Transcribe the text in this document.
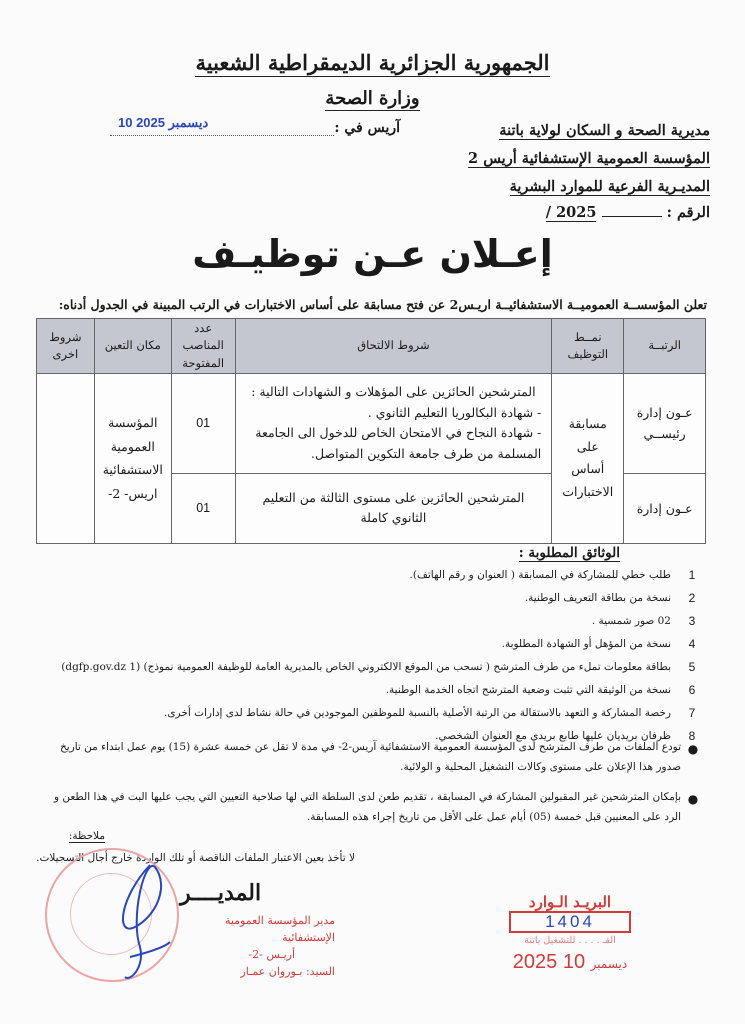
الجمهورية الجزائرية الديمقراطية الشعبية
وزارة الصحة
مديرية الصحة و السكان لولاية باتنة
المؤسسة العمومية الإستشفائية أريس 2
المديـرية الفرعية للموارد البشرية
الرقم :  2025 /
آريس في :
10 ديسمبر 2025
إعـلان عـن توظيـف
تعلن المؤسســة العموميــة الاستشفائيــة اريـس2 عن فتح مسابقة على أساس الاختبارات في الرتب المبينة في الجدول أدناه:
الرتبــة	نمــط التوظيف	شروط الالتحاق	عدد المناصب المفتوحة	مكان التعين	شروط اخرى
عـون إدارة رئيســي	مسابقة على أساس الاختبارات	المترشحين الحائزين على المؤهلات و الشهادات التالية :
- شهادة البكالوريا التعليم الثانوي .
- شهادة النجاح في الامتحان الخاص للدخول الى الجامعة المسلمة من طرف جامعة التكوين المتواصل.	01	المؤسسة العمومية الاستشفائية اريس- 2-	
عـون إدارة		المترشحين الحائزين على مستوى الثالثة من التعليم الثانوي كاملة	01		
الوثائق المطلوبة :
1
طلب خطي للمشاركة في المسابقة ( العنوان و رقم الهاتف).
2
نسخة من بطاقة التعريف الوطنية.
3
02 صور شمسية .
4
نسخة من المؤهل أو الشهادة المطلوبة.
5
بطاقة معلومات تملء من طرف المترشح ( تسحب من الموقع الالكتروني الخاص بالمديرية العامة للوظيفة العمومية نموذج) (dgfp.gov.dz 1)
6
نسخة من الوثيقة التي تثبت وضعية المترشح اتجاه الخدمة الوطنية.
7
رخصة المشاركة و التعهد بالاستقالة من الرتبة الأصلية بالنسبة للموظفين الموجودين في حالة نشاط لدى إدارات أخرى.
8
ظرفان بريديان عليها طابع بريدي مع العنوان الشخصي.
●
تودع الملفات من طرف المترشح لدى المؤسسة العمومية الاستشفائية آريس-2- في مدة لا تقل عن خمسة عشرة (15) يوم عمل ابتداء من تاريخ صدور هذا الإعلان على مستوى وكالات التشغيل المحلية و الولائية.
●
بإمكان المترشحين غير المقبولين المشاركة في المسابقة ، تقديم طعن لدى السلطة التي لها صلاحية التعيين التي يجب عليها البت في هذا الطعن و الرد على المعنيين قبل خمسة (05) أيام عمل على الأقل من تاريخ إجراء هذه المسابقة.
ملاحظة:
لا تأخذ بعين الاعتبار الملفات الناقصة أو تلك الواردة خارج أجال التسجيلات.
المديــــر
مدير المؤسسة العمومية الإستشفائية
أريـس -2-
السيد: بـوروان عمـار
البريـد الـوارد
1404
الفـ . . . . للتشغيل باتنة
2025	ديسمبر 10
